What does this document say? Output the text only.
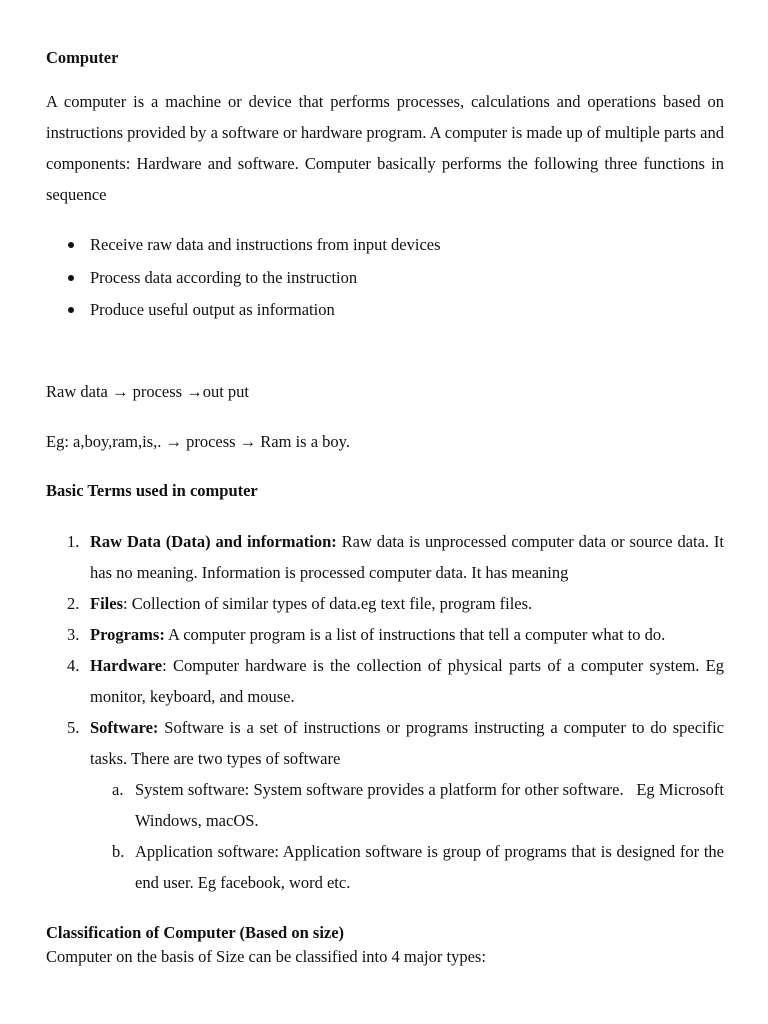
Computer

A computer is a machine or device that performs processes, calculations and operations based on instructions provided by a software or hardware program. A computer is made up of multiple parts and components: Hardware and software. Computer basically performs the following three functions in sequence

Receive raw data and instructions from input devices
Process data according to the instruction
Produce useful output as information
Raw data → process →out put
Eg: a,boy,ram,is,. → process → Ram is a boy.
Basic Terms used in computer
1. Raw Data (Data) and information: Raw data is unprocessed computer data or source data. It has no meaning. Information is processed computer data. It has meaning
2. Files: Collection of similar types of data.eg text file, program files.
3. Programs: A computer program is a list of instructions that tell a computer what to do.
4. Hardware: Computer hardware is the collection of physical parts of a computer system. Eg monitor, keyboard, and mouse.
5. Software: Software is a set of instructions or programs instructing a computer to do specific tasks. There are two types of software
a. System software: System software provides a platform for other software.   Eg Microsoft Windows, macOS.
b. Application software: Application software is group of programs that is designed for the end user. Eg facebook, word etc.
Classification of Computer (Based on size)
Computer on the basis of Size can be classified into 4 major types:
